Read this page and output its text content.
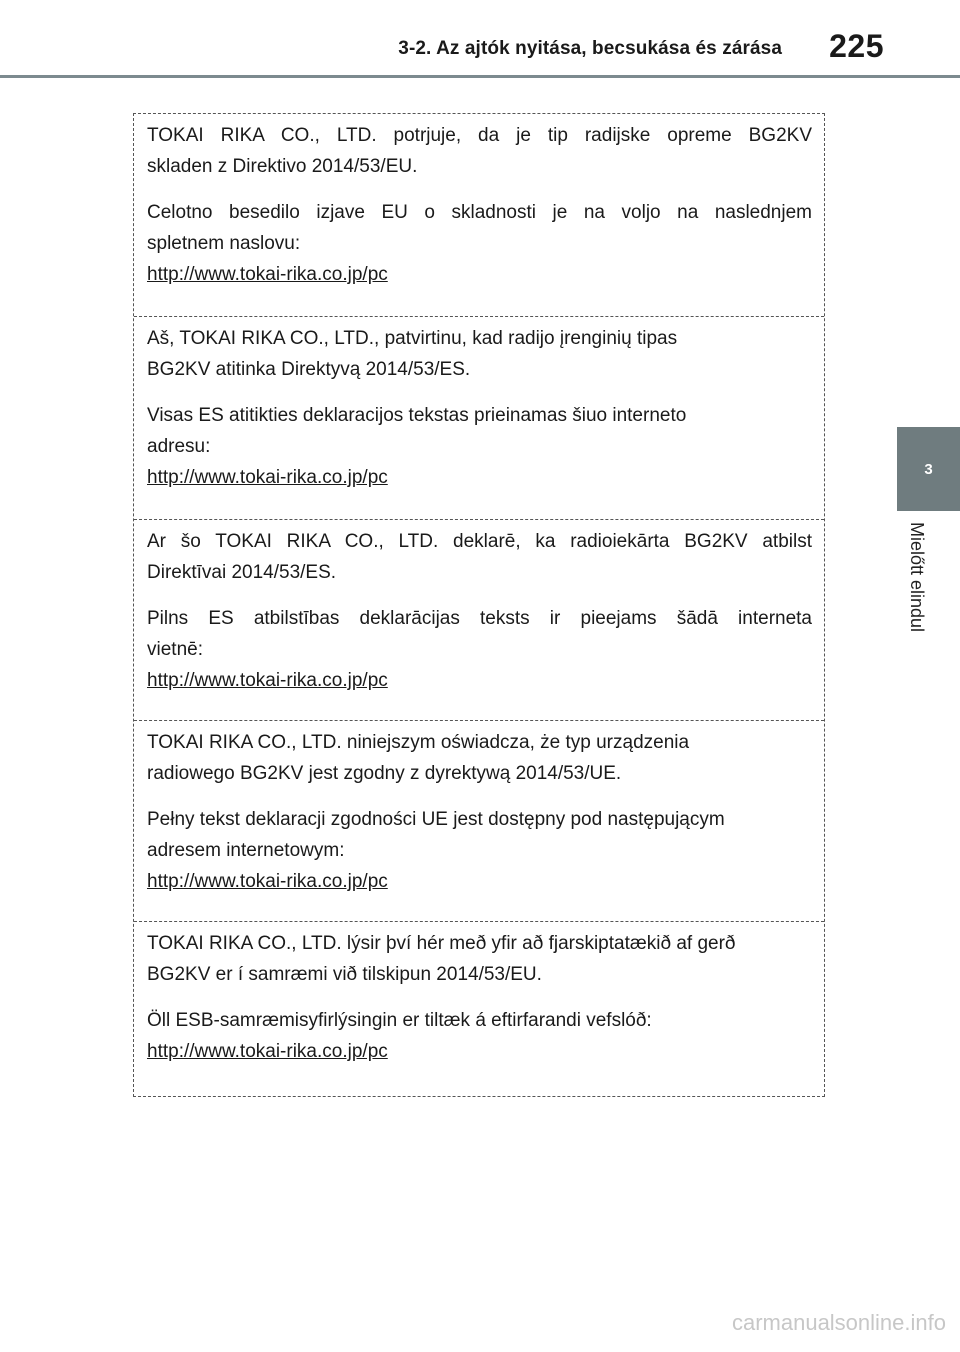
3-2. Az ajtók nyitása, becsukása és zárása 225
3
Mielőtt elindul

TOKAI RIKA CO., LTD. potrjuje, da je tip radijske opreme BG2KV

skladen z Direktivo 2014/53/EU.

Celotno besedilo izjave EU o skladnosti je na voljo na naslednjem

spletnem naslovu:

http://www.tokai-rika.co.jp/pc

Aš, TOKAI RIKA CO., LTD., patvirtinu, kad radijo įrenginių tipas

BG2KV atitinka Direktyvą 2014/53/ES.

Visas ES atitikties deklaracijos tekstas prieinamas šiuo interneto

adresu:

http://www.tokai-rika.co.jp/pc

Ar šo TOKAI RIKA CO., LTD. deklarē, ka radioiekārta BG2KV atbilst

Direktīvai 2014/53/ES.

Pilns ES atbilstības deklarācijas teksts ir pieejams šādā interneta

vietnē:

http://www.tokai-rika.co.jp/pc

TOKAI RIKA CO., LTD. niniejszym oświadcza, że typ urządzenia

radiowego BG2KV jest zgodny z dyrektywą 2014/53/UE.

Pełny tekst deklaracji zgodności UE jest dostępny pod następującym

adresem internetowym:

http://www.tokai-rika.co.jp/pc

TOKAI RIKA CO., LTD. lýsir því hér með yfir að fjarskiptatækið af gerð

BG2KV er í samræmi við tilskipun 2014/53/EU.

Öll ESB-samræmisyfirlýsingin er tiltæk á eftirfarandi vefslóð:

http://www.tokai-rika.co.jp/pc

carmanualsonline.info
